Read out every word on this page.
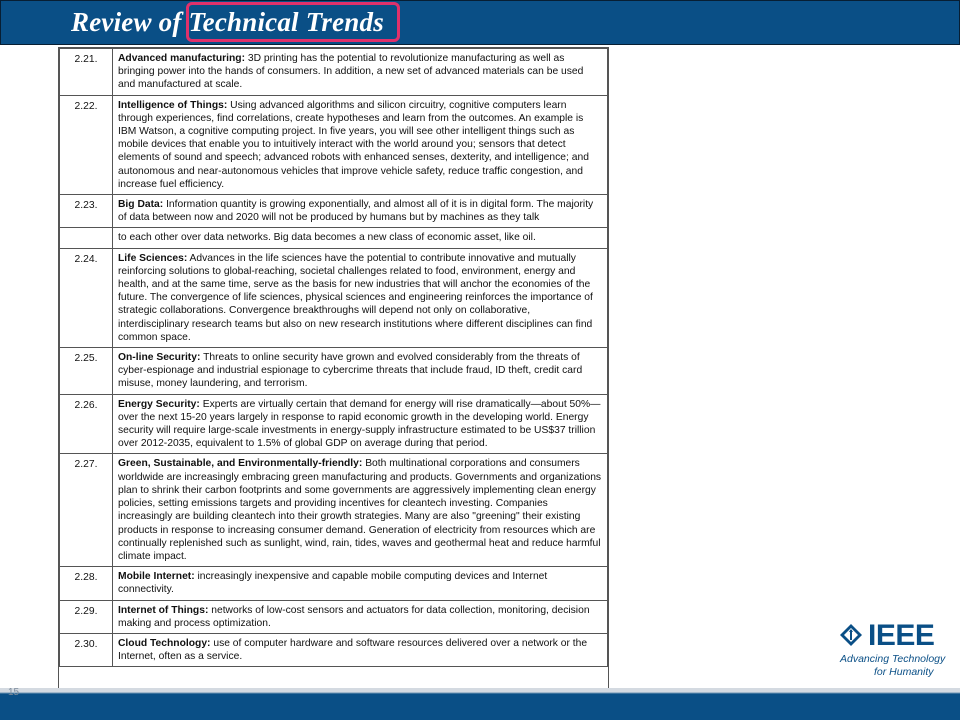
Review of Technical Trends
2.21.	Advanced manufacturing: 3D printing has the potential to revolutionize manufacturing as well as bringing power into the hands of consumers. In addition, a new set of advanced materials can be used and manufactured at scale.
2.22.	Intelligence of Things: Using advanced algorithms and silicon circuitry, cognitive computers learn through experiences, find correlations, create hypotheses and learn from the outcomes. An example is IBM Watson, a cognitive computing project. In five years, you will see other intelligent things such as mobile devices that enable you to intuitively interact with the world around you; sensors that detect elements of sound and speech; advanced robots with enhanced senses, dexterity, and intelligence; and autonomous and near-autonomous vehicles that improve vehicle safety, reduce traffic congestion, and increase fuel efficiency.
2.23.	Big Data: Information quantity is growing exponentially, and almost all of it is in digital form. The majority of data between now and 2020 will not be produced by humans but by machines as they talk
	to each other over data networks. Big data becomes a new class of economic asset, like oil.
2.24.	Life Sciences: Advances in the life sciences have the potential to contribute innovative and mutually reinforcing solutions to global-reaching, societal challenges related to food, environment, energy and health, and at the same time, serve as the basis for new industries that will anchor the economies of the future. The convergence of life sciences, physical sciences and engineering reinforces the importance of strategic collaborations. Convergence breakthroughs will depend not only on collaborative, interdisciplinary research teams but also on new research institutions where different disciplines can find common space.
2.25.	On-line Security: Threats to online security have grown and evolved considerably from the threats of cyber-espionage and industrial espionage to cybercrime threats that include fraud, ID theft, credit card misuse, money laundering, and terrorism.
2.26.	Energy Security: Experts are virtually certain that demand for energy will rise dramatically—about 50%—over the next 15-20 years largely in response to rapid economic growth in the developing world. Energy security will require large-scale investments in energy-supply infrastructure estimated to be US$37 trillion over 2012-2035, equivalent to 1.5% of global GDP on average during that period.
2.27.	Green, Sustainable, and Environmentally-friendly: Both multinational corporations and consumers worldwide are increasingly embracing green manufacturing and products. Governments and organizations plan to shrink their carbon footprints and some governments are aggressively implementing clean energy policies, setting emissions targets and providing incentives for cleantech investing. Companies increasingly are building cleantech into their growth strategies. Many are also "greening" their existing products in response to increasing consumer demand. Generation of electricity from resources which are continually replenished such as sunlight, wind, rain, tides, waves and geothermal heat and reduce harmful climate impact.
2.28.	Mobile Internet: increasingly inexpensive and capable mobile computing devices and Internet connectivity.
2.29.	Internet of Things: networks of low-cost sensors and actuators for data collection, monitoring, decision making and process optimization.
2.30.	Cloud Technology: use of computer hardware and software resources delivered over a network or the Internet, often as a service.
15
IEEE
Advancing Technology
for Humanity
